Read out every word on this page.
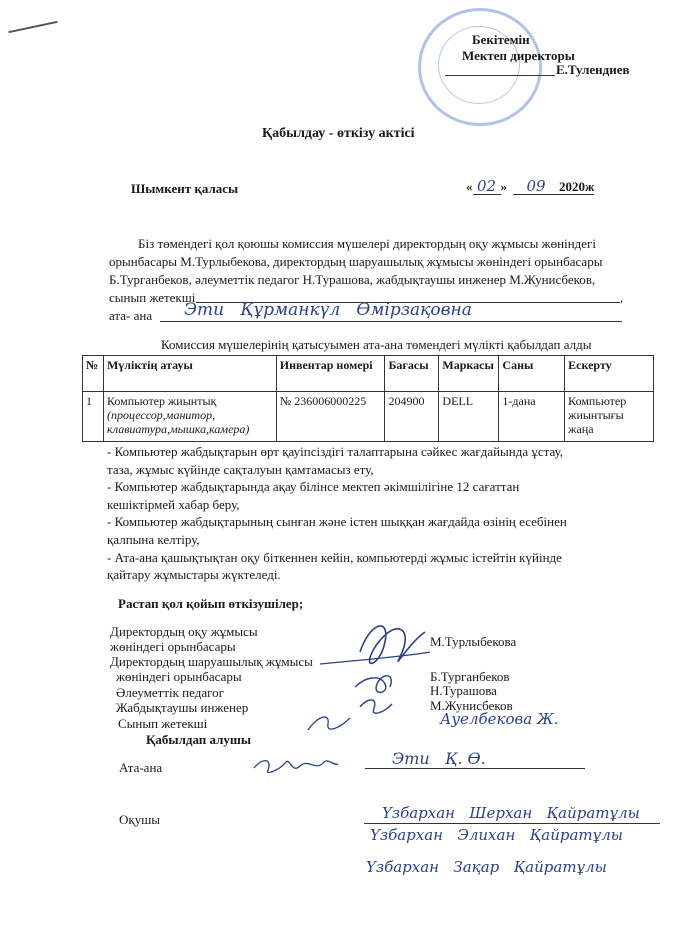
Бекітемін
Мектеп директоры
Е.Тулендиев
Қабылдау - өткізу актісі
Шымкент қаласы	« 02 » 09 2020ж
Біз төмендегі қол қоюшы комиссия мүшелері директордың оқу жұмысы жөніндегі
орынбасары М.Турлыбекова, директордың шаруашылық жұмысы жөніндегі орынбасары
Б.Турганбеков, әлеуметтік педагог Н.Турашова, жабдықтаушы инженер М.Жунисбеков,
сынып жетекші	,
ата- ана Эти   Құрманкүл   Өмірзақовна
Комиссия мүшелерінің қатысуымен ата-ана төмендегі мүлікті қабылдап алды
№	Мүліктің атауы	Инвентар номері	Бағасы	Маркасы	Саны	Ескерту
1	Компьютер жиынтық
(процессор,манитор, клавиатура,мышка,камера)	№ 236006000225	204900	DELL	1-дана	Компьютер жиынтығы жаңа
- Компьютер жабдықтарын өрт қауіпсіздігі талаптарына сәйкес жағдайында ұстау,
таза, жұмыс күйінде сақталуын қамтамасыз ету,
- Компьютер жабдықтарында ақау білінсе мектеп әкімшілігіне 12 сағаттан
кешіктірмей хабар беру,
- Компьютер жабдықтарының сынған және істен шыққан жағдайда өзінің есебінен
қалпына келтіру,
- Ата-ана қашықтықтан оқу біткеннен кейін, компьютерді жұмыс істейтін күйінде
қайтару жұмыстары жүктеледі.
Растап қол қойып өткізушілер;
Директордың оқу жұмысы
жөніндегі орынбасары	М.Турлыбекова
Директордың шаруашылық жұмысы
жөніндегі орынбасары	Б.Турганбеков
Әлеуметтік педагог	Н.Турашова
Жабдықтаушы инженер	М.Жунисбеков
Сынып жетекші	Ауелбекова Ж.
Қабылдап алушы
Ата-ана	Эти   Қ. Ө.
Оқушы	Үзбархан   Шерхан   Қайратұлы
Үзбархан   Элихан   Қайратұлы
Үзбархан   Зақар   Қайратұлы
